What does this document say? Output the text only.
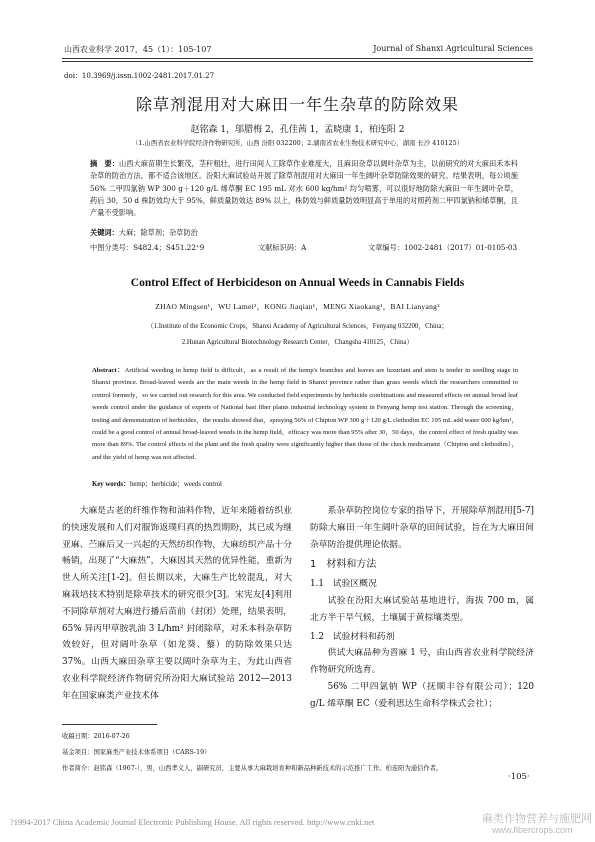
山西农业科学 2017，45（1）：105-107	Journal of Shanxi Agricultural Sciences
doi：10.3969/j.issn.1002-2481.2017.01.27
除草剂混用对大麻田一年生杂草的防除效果
赵铭森 1，邬腊梅 2，孔佳茜 1，孟晓康 1，柏连阳 2
（1.山西省农业科学院经济作物研究所，山西 汾阳 032200；2.湖南省农业生物技术研究中心，湖南 长沙 410125）
摘　要：山西大麻苗期生长繁茂，茎秆粗壮，进行田间人工除草作业难度大，且麻田杂草以阔叶杂草为主，以前研究的对大麻田禾本科杂草的防治方法，都不适合该地区。汾阳大麻试验站开展了除草剂混用对大麻田一年生阔叶杂草防除效果的研究。结果表明，每公顷施 56% 二甲四氯钠 WP 300 g＋120 g/L 烯草酮 EC 195 mL 对水 600 kg/hm² 均匀喷雾，可以很好地防除大麻田一年生阔叶杂草，药后 30，50 d 株防效均大于 95%，鲜质量防效达 89% 以上，株防效与鲜质量防效明显高于单用的对照药剂二甲四氯钠和烯草酮，且产量不受影响。
关键词：大麻；除草剂；杂草防治
中图分类号：S482.4；S451.22⁺9	文献标识码：A	文章编号：1002-2481（2017）01-0105-03
Control Effect of Herbicideson on Annual Weeds in Cannabis Fields
ZHAO Mingsen¹，WU Lamei²，KONG Jiaqian¹，MENG Xiaokang¹，BAI Lianyang²
（1.Institute of the Economic Crops，Shanxi Academy of Agricultural Sciences，Fenyang 032200，China；
2.Hunan Agricultural Biotechnology Research Center，Changsha 410125，China）
Abstract：Artificial weeding in hemp field is difficult，as a result of the hemp's branches and leaves are luxuriant and stem is tender in seedling stage in Shanxi province. Broad-leaved weeds are the main weeds in the hemp field in Shanxi province rather than grass weeds which the researchers committed to control formerly，so we carried out research for this area. We conducted field experiments by herbicide combinations and measured effects on annual broad leaf weeds control under the guidance of experts of National bast fiber plants industrial technology system in Fenyang hemp test station. Through the screening，testing and demonstration of herbicides，the results showed that，spraying 56% of Chipton WP 300 g＋120 g/L clethodim EC 195 mL add water 600 kg/hm²，could be a good control of annual broad-leaved weeds in the hemp field，efficacy was more than 95% after 30，50 days，the control effect of fresh quality was more than 89%. The control effects of the plant and the fresh quality were significantly higher than those of the check medicament（Chipton and clethodim），and the yield of hemp was not affected.
Key words：hemp；herbicide；weeds control

大麻是古老的纤维作物和油料作物，近年来随着纺织业的快速发展和人们对服饰返璞归真的热烈期盼，其已成为继亚麻、苎麻后又一兴起的天然纺织作物，大麻纺织产品十分畅销，出现了“大麻热”，大麻因其天然的优异性能，重新为世人所关注[1-2]。但长期以来，大麻生产比较混乱，对大麻栽培技术特别是除草技术的研究很少[3]。宋宪友[4]利用不同除草剂对大麻进行播后苗前（封闭）处理，结果表明，65% 异丙甲草胺乳油 3 L/hm² 封闭除草，对禾本科杂草防效较好，但对阔叶杂草（如龙葵、藜）的防除效果只达 37%。山西大麻田杂草主要以阔叶杂草为主，为此山西省农业科学院经济作物研究所汾阳大麻试验站 2012—2013 年在国家麻类产业技术体

系杂草防控岗位专家的指导下，开展除草剂混用[5-7]防除大麻田一年生阔叶杂草的田间试验，旨在为大麻田间杂草防治提供理论依据。

1　材料和方法

1.1　试验区概况

试验在汾阳大麻试验站基地进行，海拔 700 m，属北方半干旱气候，土壤属于黄棕壤类型。

1.2　试验材料和药剂

供试大麻品种为晋麻 1 号，由山西省农业科学院经济作物研究所选育。

56% 二甲四氯钠 WP（抚顺丰谷有限公司）；120 g/L 烯草酮 EC（爱利思达生命科学株式会社）；

收稿日期：2016-07-26
基金项目：国家麻类产业技术体系项目（CARS-19）
作者简介：赵铭森（1967-），男，山西孝义人，副研究员，主要从事大麻栽培育种和新品种新技术的示范推广工作。柏连阳为通信作者。
·105·
?1994-2017 China Academic Journal Electronic Publishing House. All rights reserved. http://www.cnki.net	麻类作物营养与施肥网
www.fibercrops.com
